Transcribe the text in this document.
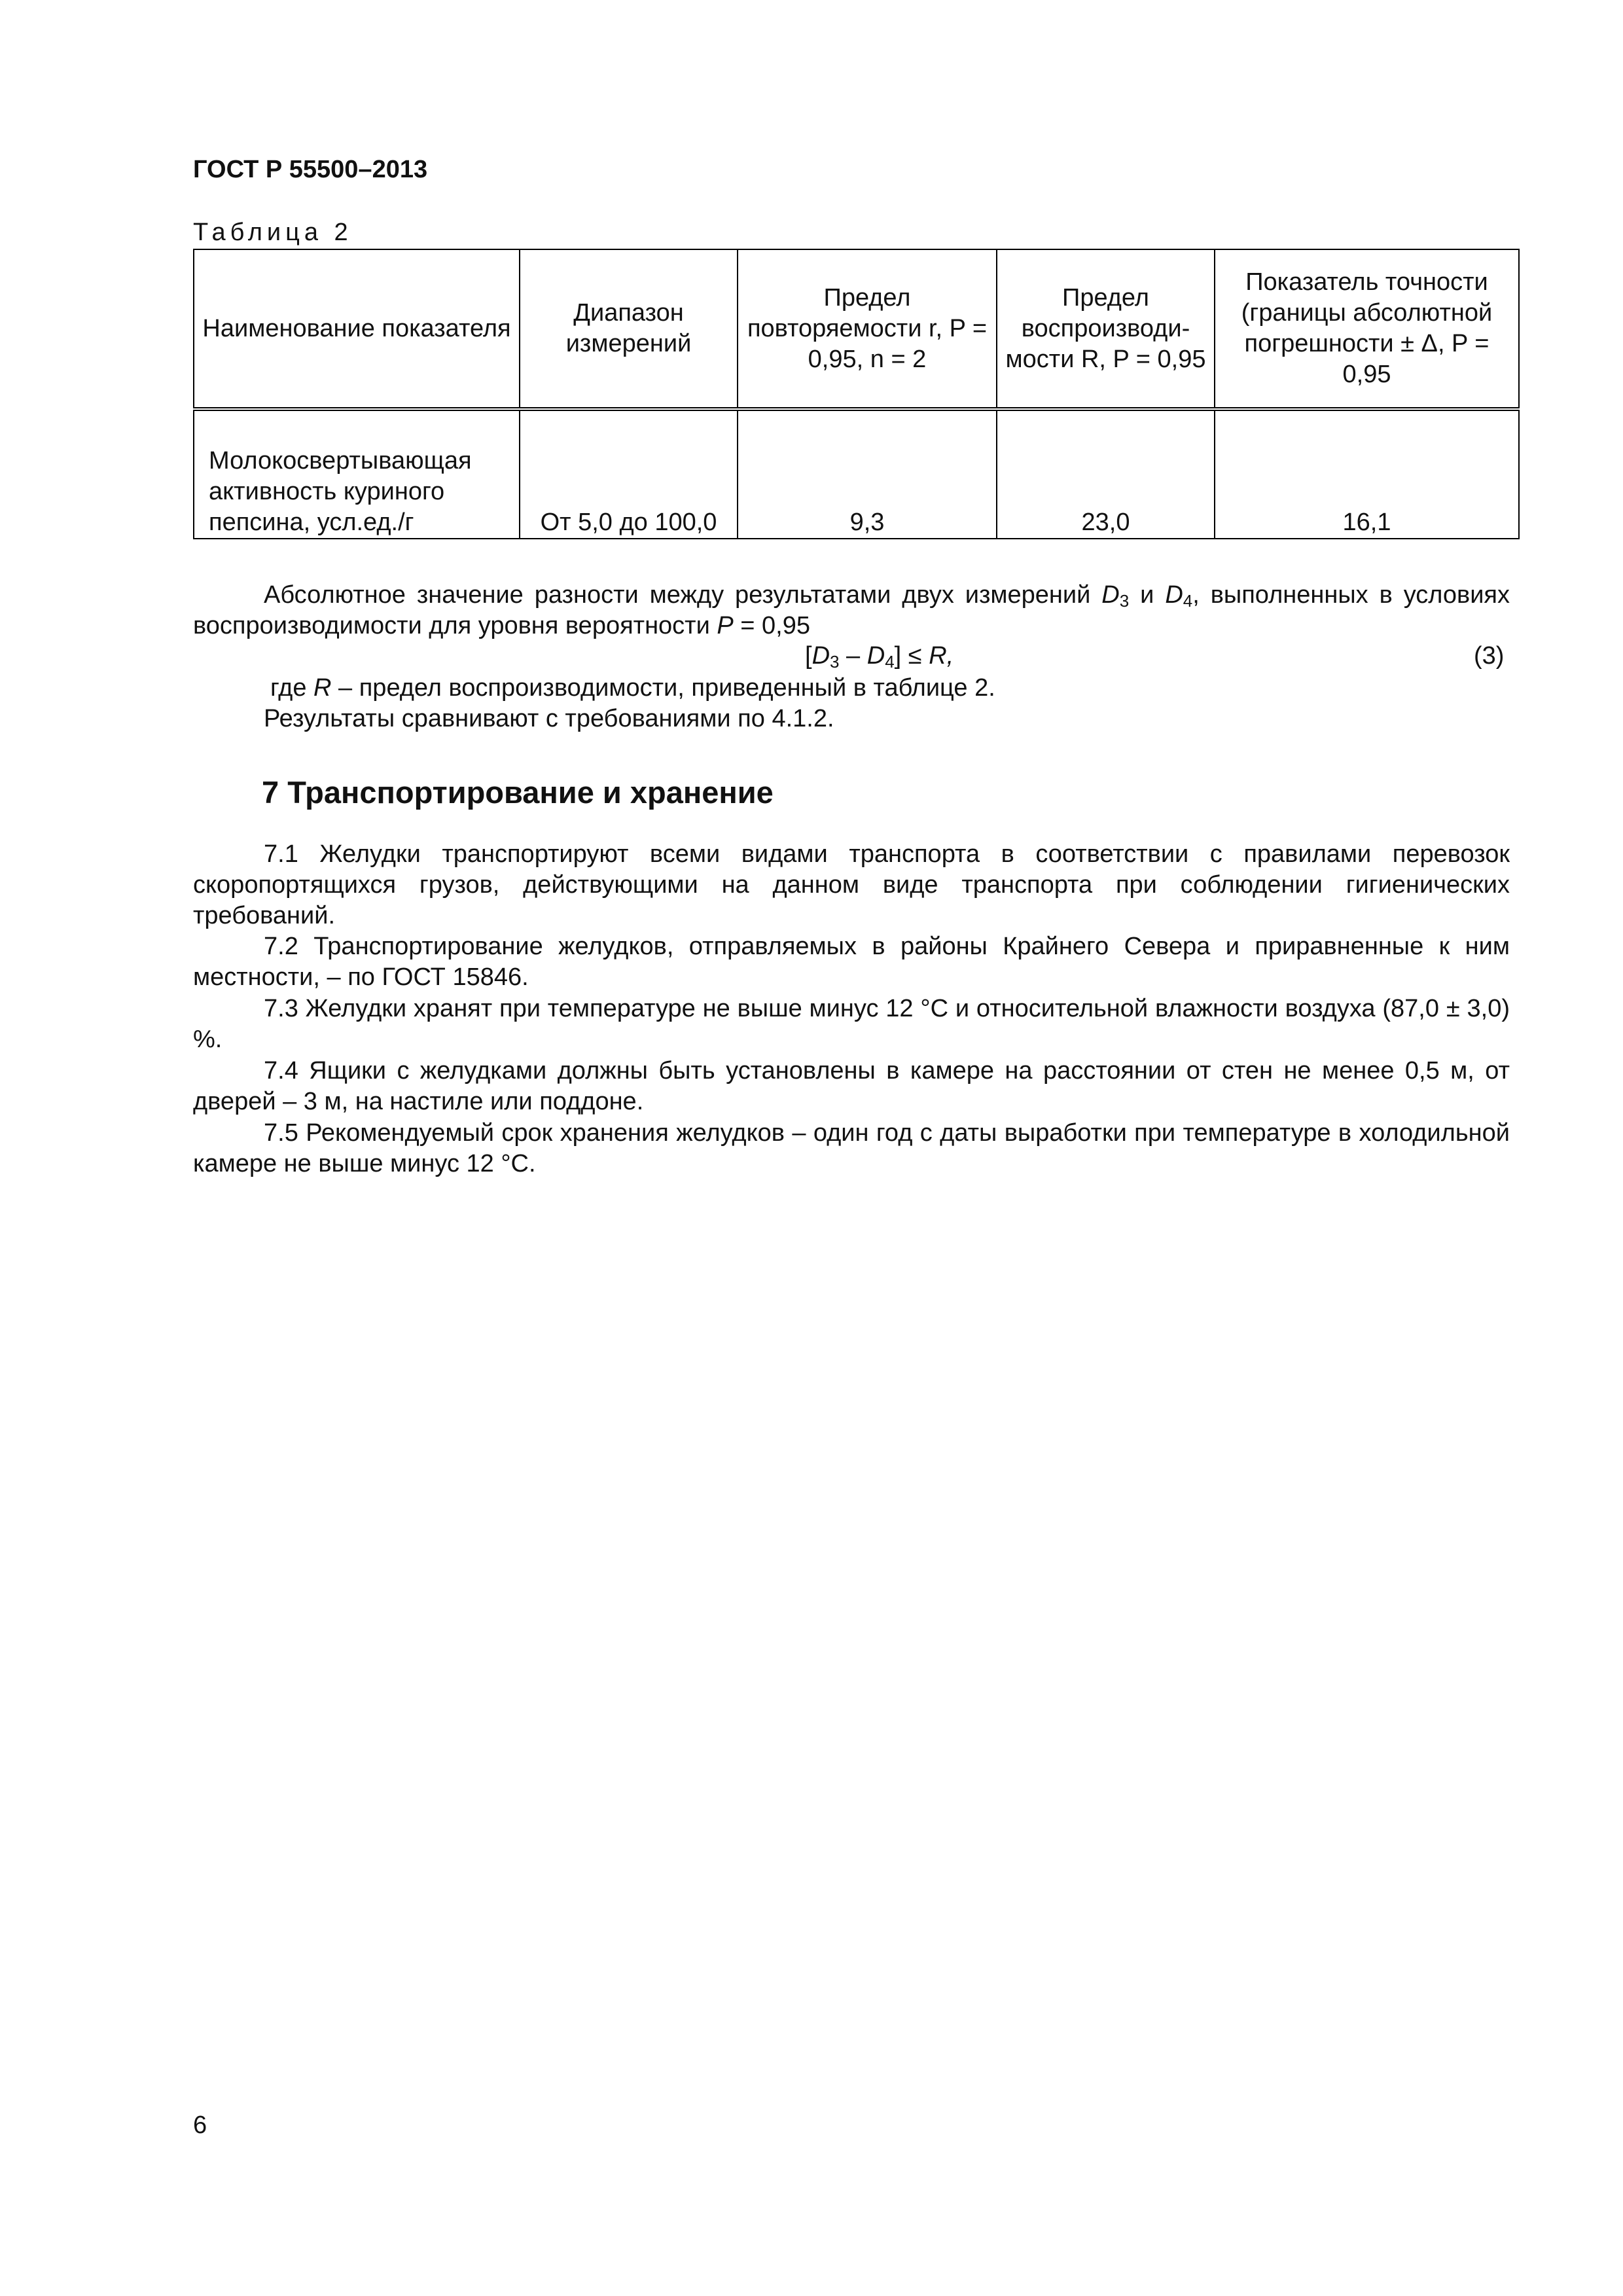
ГОСТ Р 55500–2013
Таблица 2
Наименование показателя	Диапазон измерений	Предел повторяемости r, P = 0,95, n = 2	Предел воспроизводи-мости R, P = 0,95	Показатель точности (границы абсолютной погрешности ± Δ, P = 0,95
Молокосвертывающая активность куриного пепсина, усл.ед./г	От 5,0 до 100,0	9,3	23,0	16,1
Абсолютное значение разности между результатами двух измерений $D_3$ и $D_4$, выполненных в условиях воспроизводимости для уровня вероятности P = 0,95
$[D_3 - D_4] \le R$,	(3)
где R – предел воспроизводимости, приведенный в таблице 2.
Результаты сравнивают с требованиями по 4.1.2.
7 Транспортирование и хранение
7.1 Желудки транспортируют всеми видами транспорта в соответствии с правилами перевозок скоропортящихся грузов, действующими на данном виде транспорта при соблюдении гигиенических требований.
7.2 Транспортирование желудков, отправляемых в районы Крайнего Севера и приравненные к ним местности, – по ГОСТ 15846.
7.3 Желудки хранят при температуре не выше минус 12 °С и относительной влажности воздуха (87,0 ± 3,0) %.
7.4 Ящики с желудками должны быть установлены в камере на расстоянии от стен не менее 0,5 м, от дверей – 3 м, на настиле или поддоне.
7.5 Рекомендуемый срок хранения желудков – один год с даты выработки при температуре в холодильной камере не выше минус 12 °С.
6
